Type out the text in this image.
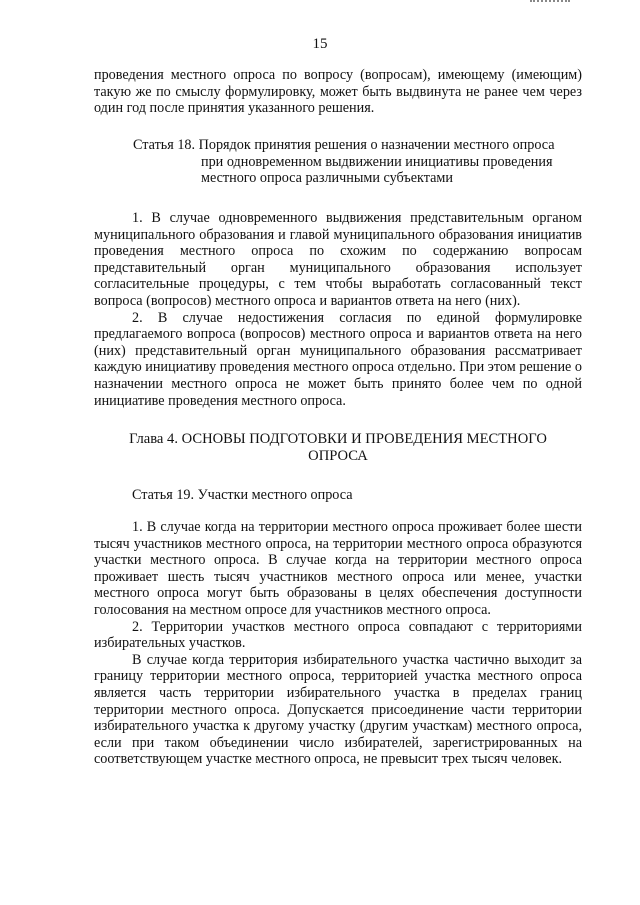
15

проведения местного опроса по вопросу (вопросам), имеющему (имеющим) такую же по смыслу формулировку, может быть выдвинута не ранее чем через один год после принятия указанного решения.

Статья 18. Порядок принятия решения о назначении местного опроса

при одновременном выдвижении инициативы проведения
местного опроса различными субъектами

1. В случае одновременного выдвижения представительным органом муниципального образования и главой муниципального образования инициатив проведения местного опроса по схожим по содержанию вопросам представительный орган муниципального образования использует согласительные процедуры, с тем чтобы выработать согласованный текст вопроса (вопросов) местного опроса и вариантов ответа на него (них).

2. В случае недостижения согласия по единой формулировке предлагаемого вопроса (вопросов) местного опроса и вариантов ответа на него (них) представительный орган муниципального образования рассматривает каждую инициативу проведения местного опроса отдельно. При этом решение о назначении местного опроса не может быть принято более чем по одной инициативе проведения местного опроса.

Глава 4. ОСНОВЫ ПОДГОТОВКИ И ПРОВЕДЕНИЯ МЕСТНОГО
ОПРОСА
Статья 19. Участки местного опроса

1. В случае когда на территории местного опроса проживает более шести тысяч участников местного опроса, на территории местного опроса образуются участки местного опроса. В случае когда на территории местного опроса проживает шесть тысяч участников местного опроса или менее, участки местного опроса могут быть образованы в целях обеспечения доступности голосования на местном опросе для участников местного опроса.

2. Территории участков местного опроса совпадают с территориями избирательных участков.

В случае когда территория избирательного участка частично выходит за границу территории местного опроса, территорией участка местного опроса является часть территории избирательного участка в пределах границ территории местного опроса. Допускается присоединение части территории избирательного участка к другому участку (другим участкам) местного опроса, если при таком объединении число избирателей, зарегистрированных на соответствующем участке местного опроса, не превысит трех тысяч человек.
